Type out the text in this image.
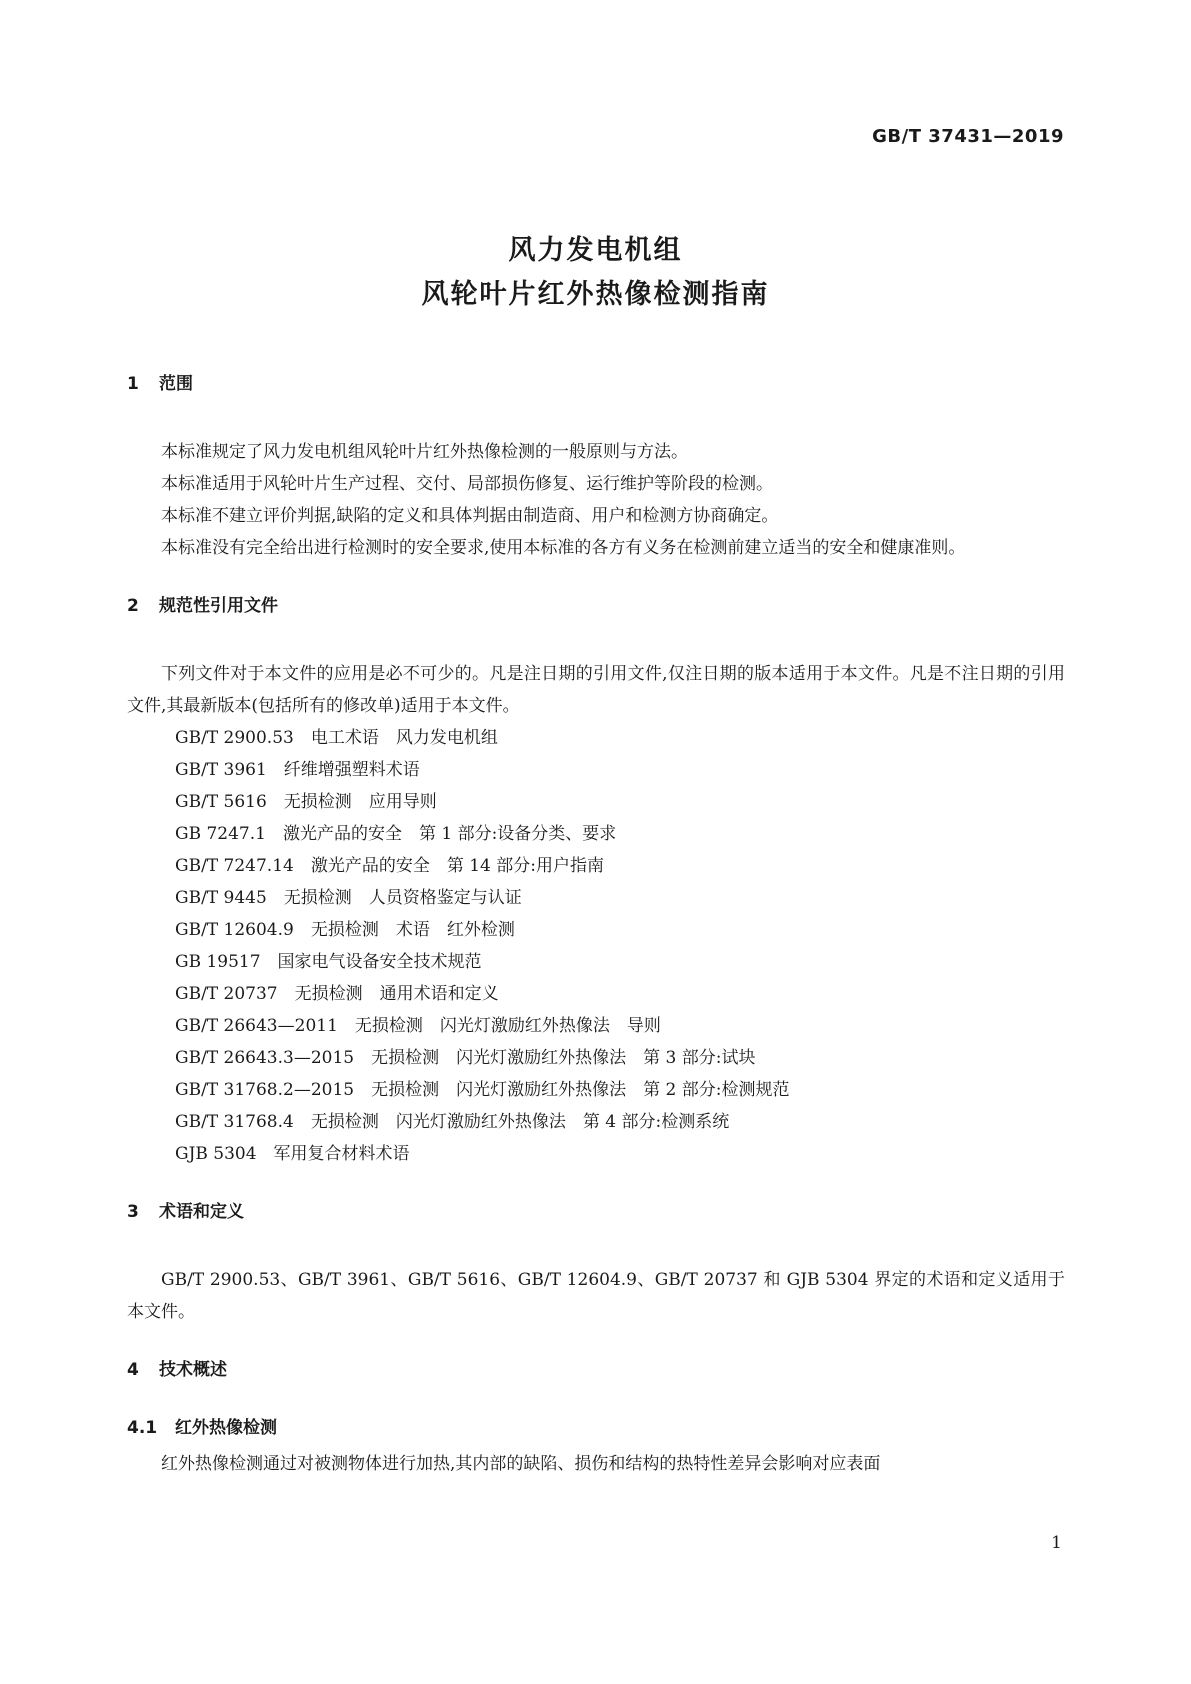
GB/T 37431—2019
风力发电机组
风轮叶片红外热像检测指南
1 范围

本标准规定了风力发电机组风轮叶片红外热像检测的一般原则与方法。

本标准适用于风轮叶片生产过程、交付、局部损伤修复、运行维护等阶段的检测。

本标准不建立评价判据,缺陷的定义和具体判据由制造商、用户和检测方协商确定。

本标准没有完全给出进行检测时的安全要求,使用本标准的各方有义务在检测前建立适当的安全和健康准则。

2 规范性引用文件

下列文件对于本文件的应用是必不可少的。凡是注日期的引用文件,仅注日期的版本适用于本文件。凡是不注日期的引用文件,其最新版本(包括所有的修改单)适用于本文件。

GB/T 2900.53　电工术语　风力发电机组

GB/T 3961　纤维增强塑料术语

GB/T 5616　无损检测　应用导则

GB 7247.1　激光产品的安全　第 1 部分:设备分类、要求

GB/T 7247.14　激光产品的安全　第 14 部分:用户指南

GB/T 9445　无损检测　人员资格鉴定与认证

GB/T 12604.9　无损检测　术语　红外检测

GB 19517　国家电气设备安全技术规范

GB/T 20737　无损检测　通用术语和定义

GB/T 26643—2011　无损检测　闪光灯激励红外热像法　导则

GB/T 26643.3—2015　无损检测　闪光灯激励红外热像法　第 3 部分:试块

GB/T 31768.2—2015　无损检测　闪光灯激励红外热像法　第 2 部分:检测规范

GB/T 31768.4　无损检测　闪光灯激励红外热像法　第 4 部分:检测系统

GJB 5304　军用复合材料术语

3 术语和定义

GB/T 2900.53、GB/T 3961、GB/T 5616、GB/T 12604.9、GB/T 20737 和 GJB 5304 界定的术语和定义适用于本文件。

4 技术概述
4.1 红外热像检测

红外热像检测通过对被测物体进行加热,其内部的缺陷、损伤和结构的热特性差异会影响对应表面

1
